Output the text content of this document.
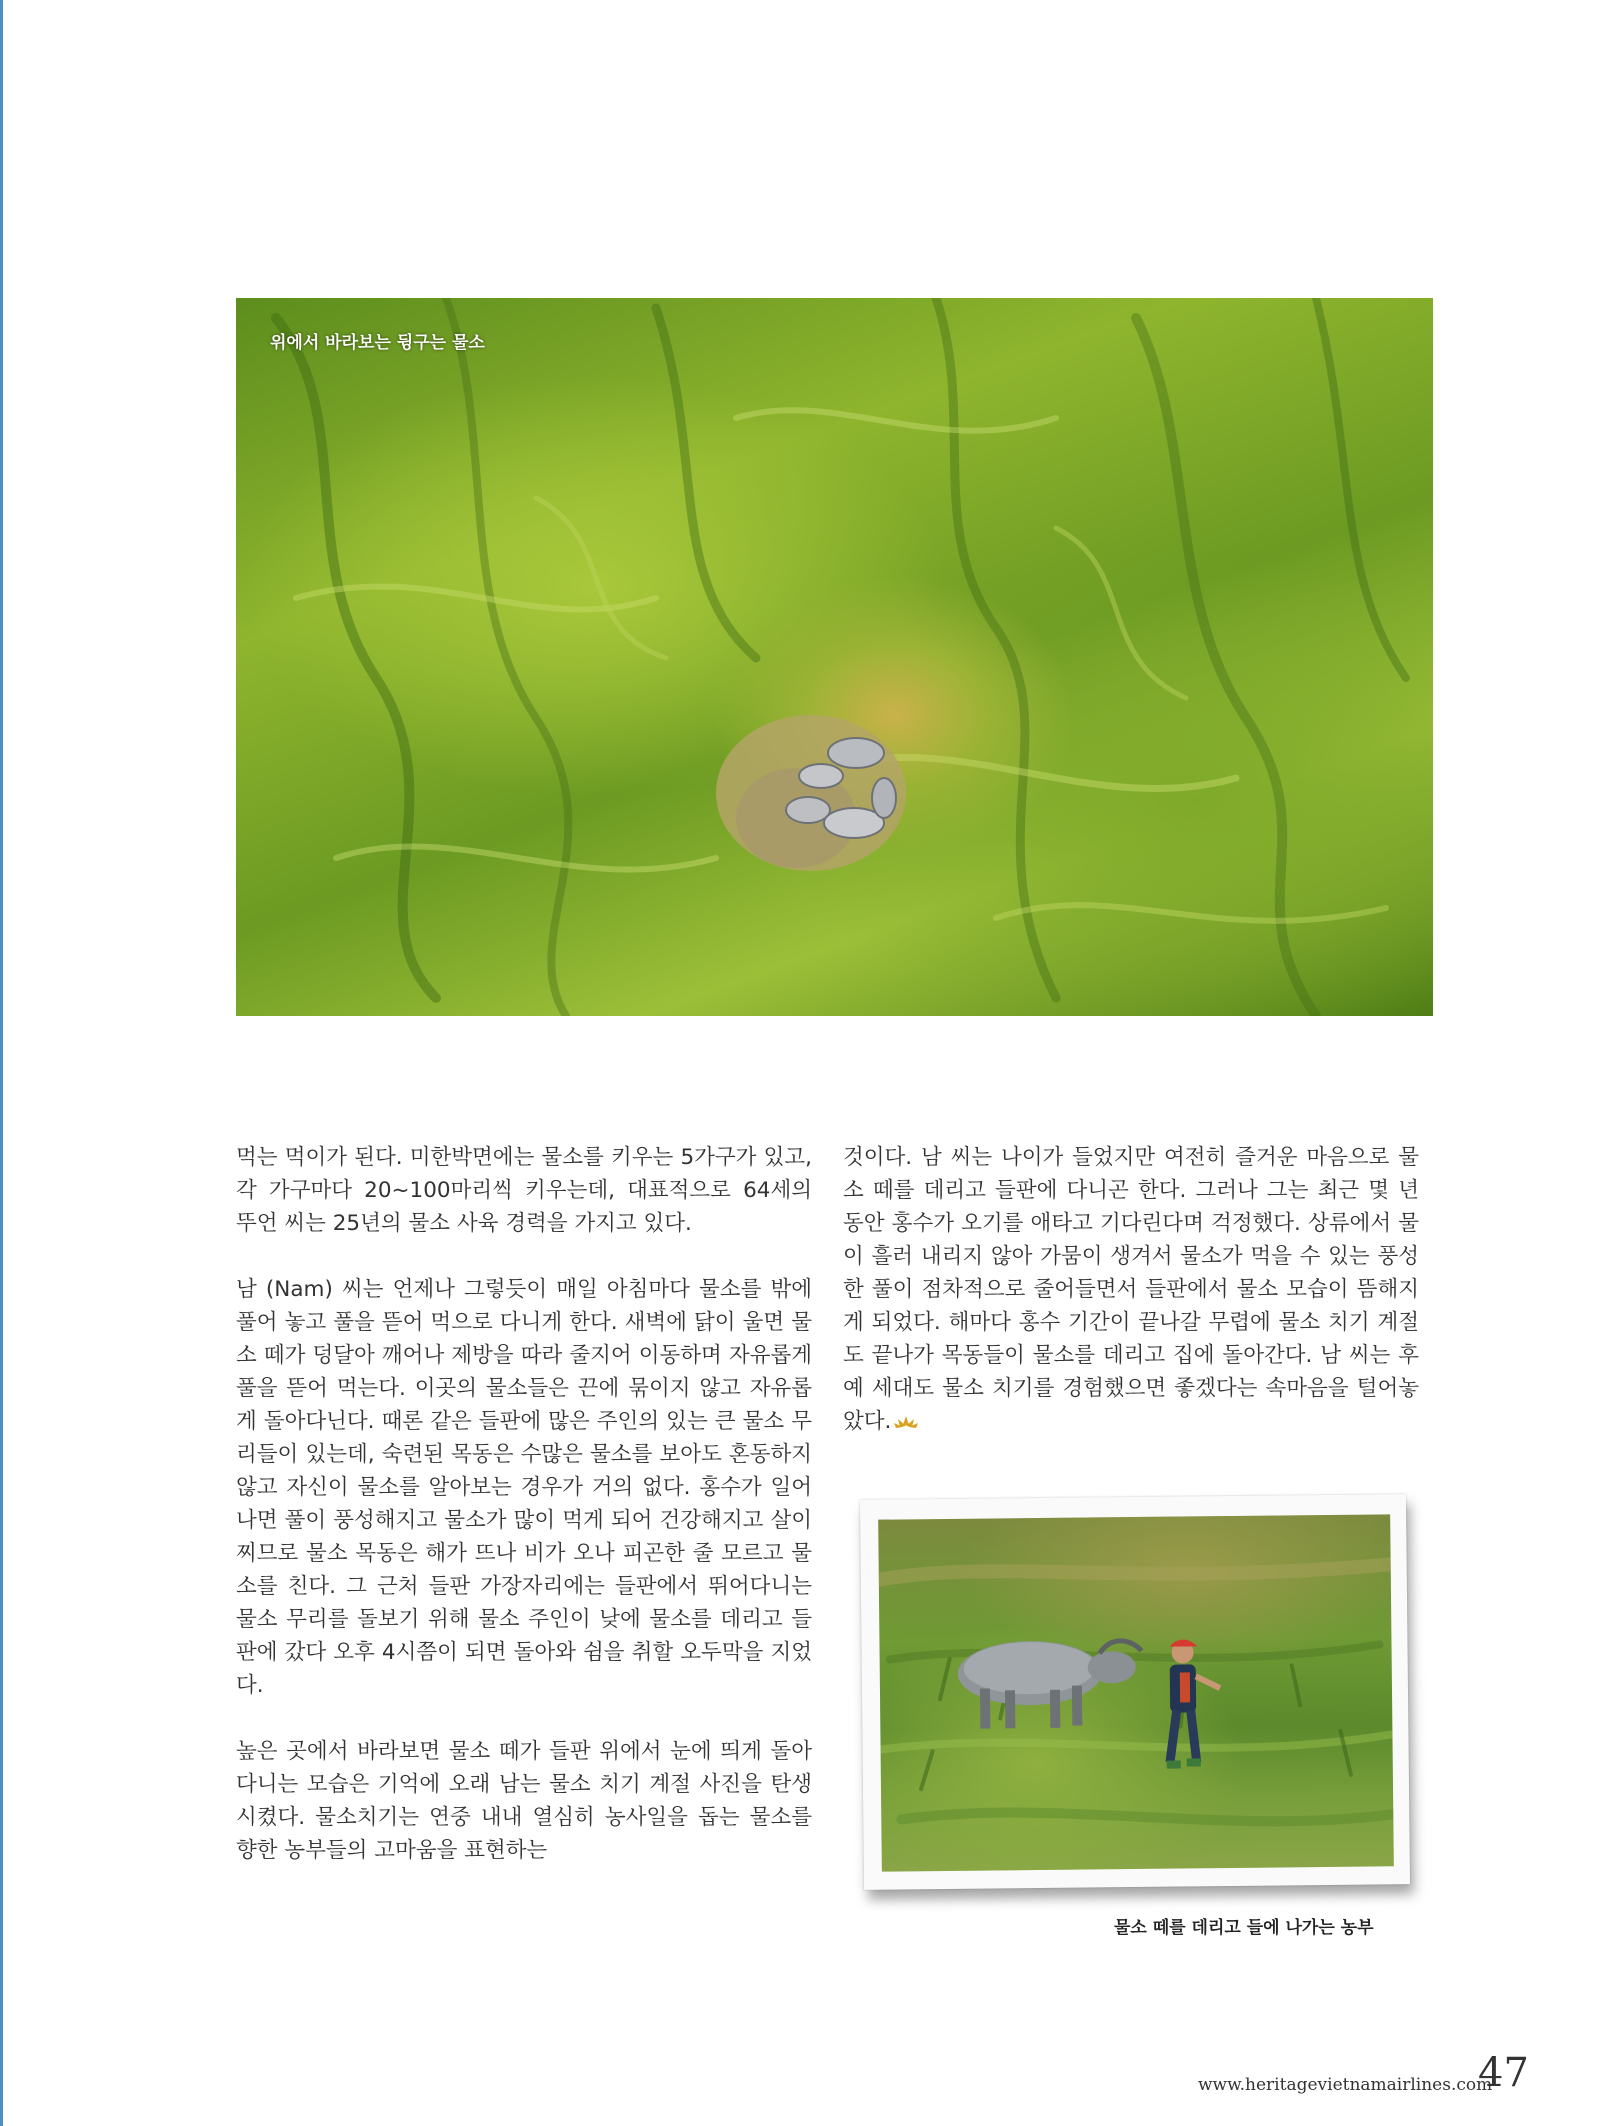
위에서 바라보는 뒹구는 물소

먹는 먹이가 된다. 미한박면에는 물소를 키우는 5가구가 있고, 각 가구마다 20~100마리씩 키우는데, 대표적으로 64세의 뚜언 씨는 25년의 물소 사육 경력을 가지고 있다.

남 (Nam) 씨는 언제나 그렇듯이 매일 아침마다 물소를 밖에 풀어 놓고 풀을 뜯어 먹으로 다니게 한다. 새벽에 닭이 울면 물소 떼가 덩달아 깨어나 제방을 따라 줄지어 이동하며 자유롭게 풀을 뜯어 먹는다. 이곳의 물소들은 끈에 묶이지 않고 자유롭게 돌아다닌다. 때론 같은 들판에 많은 주인의 있는 큰 물소 무리들이 있는데, 숙련된 목동은 수많은 물소를 보아도 혼동하지 않고 자신이 물소를 알아보는 경우가 거의 없다. 홍수가 일어나면 풀이 풍성해지고 물소가 많이 먹게 되어 건강해지고 살이 찌므로 물소 목동은 해가 뜨나 비가 오나 피곤한 줄 모르고 물소를 친다. 그 근처 들판 가장자리에는 들판에서 뛰어다니는 물소 무리를 돌보기 위해 물소 주인이 낮에 물소를 데리고 들판에 갔다 오후 4시쯤이 되면 돌아와 쉼을 취할 오두막을 지었다.

높은 곳에서 바라보면 물소 떼가 들판 위에서 눈에 띄게 돌아다니는 모습은 기억에 오래 남는 물소 치기 계절 사진을 탄생시켰다. 물소치기는 연중 내내 열심히 농사일을 돕는 물소를 향한 농부들의 고마움을 표현하는

것이다. 남 씨는 나이가 들었지만 여전히 즐거운 마음으로 물소 떼를 데리고 들판에 다니곤 한다. 그러나 그는 최근 몇 년 동안 홍수가 오기를 애타고 기다린다며 걱정했다. 상류에서 물이 흘러 내리지 않아 가뭄이 생겨서 물소가 먹을 수 있는 풍성한 풀이 점차적으로 줄어들면서 들판에서 물소 모습이 뜸해지게 되었다. 해마다 홍수 기간이 끝나갈 무렵에 물소 치기 계절도 끝나가 목동들이 물소를 데리고 집에 돌아간다. 남 씨는 후예 세대도 물소 치기를 경험했으면 좋겠다는 속마음을 털어놓았다.

물소 떼를 데리고 들에 나가는 농부
www.heritagevietnamairlines.com
47
